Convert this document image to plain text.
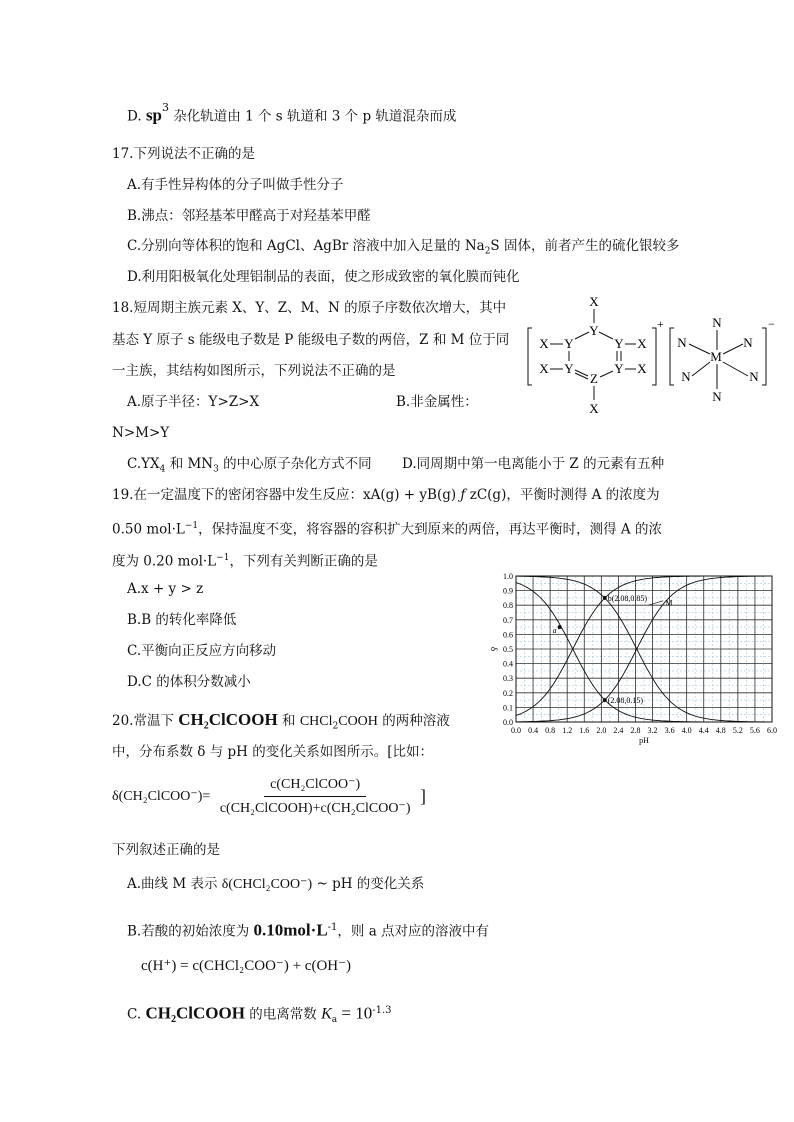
D. $sp^3$ 杂化轨道由 1 个 s 轨道和 3 个 p 轨道混杂而成
17.下列说法不正确的是
A.有手性异构体的分子叫做手性分子
B.沸点：邻羟基苯甲醛高于对羟基苯甲醛
C.分别向等体积的饱和 AgCl、AgBr 溶液中加入足量的 $Na_2S$ 固体，前者产生的硫化银较多
D.利用阳极氧化处理铝制品的表面，使之形成致密的氧化膜而钝化
18.短周期主族元素 X、Y、Z、M、N 的原子序数依次增大，其中
基态 Y 原子 s 能级电子数是 P 能级电子数的两倍，Z 和 M 位于同
一主族，其结构如图所示，下列说法不正确的是
A.原子半径：Y>Z>X	B.非金属性：
N>M>Y
$C.YX_4$ 和 $MN_3$ 的中心原子杂化方式不同 D.同周期中第一电离能小于 Z 的元素有五种
+
X
Y
X Y	Y X
X Y	Y X
Z
X
−
N
N	N
M
N	N
N
19.在一定温度下的密闭容器中发生反应：xA(g) + yB(g) ƒ zC(g)，平衡时测得 A 的浓度为
0.50 $mol\cdot L^{-1}$，保持温度不变，将容器的容积扩大到原来的两倍，再达平衡时，测得 A 的浓
度为 0.20 $mol\cdot L^{-1}$，下列有关判断正确的是
A.x + y > z
B.B 的转化率降低
C.平衡向正反应方向移动
D.C 的体积分数减小
0.0 0.4 0.8 1.2 1.6 2.0 2.4 2.8 3.2 3.6 4.0 4.4 4.8 5.2 5.6 6.0
0.0
0.1
0.2
0.3
0.4
0.5
0.6
0.7
0.8
0.9
1.0
pH
δ
b(2.08,0.85)
(2.08,0.15)
a
M
20.常温下 $CH_2ClCOOH$ 和 CHCl$_2$COOH 的两种溶液
中，分布系数 δ 与 pH 的变化关系如图所示。[比如：
δ(CH₂ClCOO⁻)= $\frac{\text{c(CH₂ClCOO⁻)}}{\text{c(CH₂ClCOOH)+c(CH₂ClCOO⁻)}}$ ]
下列叙述正确的是
A.曲线 M 表示 δ(CHCl₂COO⁻) ~ pH 的变化关系
B.若酸的初始浓度为 $0.10mol\cdot L^{-1}$，则 a 点对应的溶液中有
c(H⁺) = c(CHCl₂COO⁻) + c(OH⁻)
C. CH₂ClCOOH 的电离常数 $K_a = 10^{-1.3}$
